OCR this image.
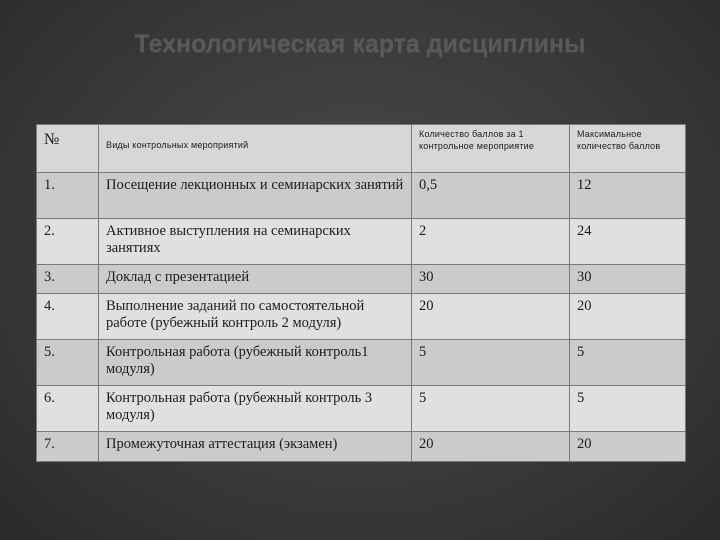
Технологическая карта дисциплины
№	Виды контрольных мероприятий	Количество баллов за 1 контрольное мероприятие	Максимальное количество баллов
1.	Посещение лекционных и семинарских занятий	0,5	12
2.	Активное выступления на семинарских занятиях	2	24
3.	Доклад с презентацией	30	30
4.	Выполнение заданий по самостоятельной работе (рубежный контроль 2 модуля)	20	20
5.	Контрольная работа (рубежный контроль1 модуля)	5	5
6.	Контрольная работа (рубежный контроль 3 модуля)	5	5
7.	Промежуточная аттестация (экзамен)	20	20
